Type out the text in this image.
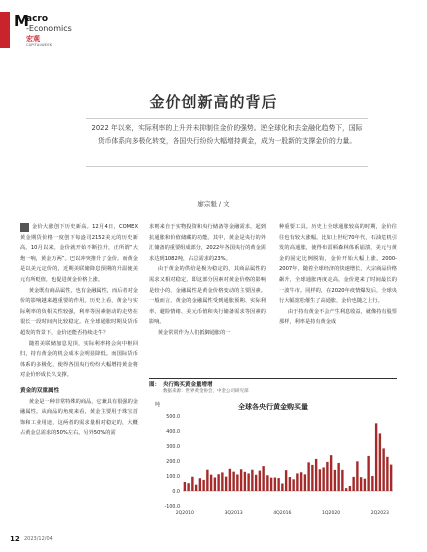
M
acro
-Economics
宏观
CAPITALWEEK
金价创新高的背后
2022 年以来，实际利率的上升并未抑制住金价的强势。逆全球化和去金融化趋势下，国际货币体系向多极化转变，各国央行纷纷大幅增持黄金，成为一股新的支撑金价的力量。
廖宗魁 / 文

金价大涨创下历史新高。12月4日，COMEX黄金期货价格一度创下每盎司2152美元的历史新高。10月以来，金价就开始不断拉升，正所谓“大炮一响，黄金万两”。巴以冲突推升了金价。而黄金是以美元定价的，近期美联储降息预期的升温使美元有所贬值，也促进黄金价格上涨。

黄金既有商品属性，也有金融属性，而后者对金价的影响越来越重要的作用。历史上看，黄金与实际利率的负相关性较强，利率等因素驱动的走势在很长一段时间内比较稳定。在全球通胀时期及货币超发的背景下，金价还能否持续走牛？

随着美联储加息见顶，实际利率将会向中枢回归，持有黄金的机会成本会明显降低。而国际货币体系的多极化，使得各国央行纷纷大幅增持黄金将对金价形成长久支撑。

黄金的双重属性

黄金是一种非常特殊的商品，它兼具有很强的金融属性。从商品的角度来看，黄金主要用于珠宝首饰和工业用途，这两者的需求量相对稳定的，大概占黄金总需求的50%左右。另外50%的需

求则来自于实物投资和央行储备等金融需求，起到抗通胀和价值储藏的功能。其中，黄金是央行的外汇储备的重要组成部分，2022年各国央行的黄金需求达到1082吨，占总需求的23%。

由于黄金的供给是极为稳定的，其商品属性的需求又相对稳定，即这部分因素对黄金价格的影响是较小的，金融属性是黄金价格变动的主要因素。一般而言，黄金的金融属性受到通胀预期、实际利率、避险情绪、美元币值和央行储备需求等因素的影响。

黄金常常作为人们抵御通胀的一

种重要工具。历史上全球通胀较高的时期，金价往往也有较大涨幅。比如上世纪70年代，石油危机引发的高通胀，使得布雷顿森林体系崩溃，美元与黄金的固定比例脱钩，金价开始大幅上涨。2000-2007年，随着全球经济的快速增长，大宗商品价格飙升，全球通胀再度走高，金价迎来了时间最长的一波牛市。同样的，在2020年疫情爆发后，全球央行大幅宽松催生了高通胀，金价也随之上行。

由于持有黄金不会产生利息收益，就像持有股票那样，利率是持有黄金成

图： 央行购买黄金量增增
数据来源：世界黄金协会，中金公司研究部
吨	全球各央行黄金购买量
500.0
400.0
300.0
200.0
100.0
0.0
-100.0
2Q2010	3Q2013	4Q2016	1Q2020	2Q2023
12 2023/12/04
